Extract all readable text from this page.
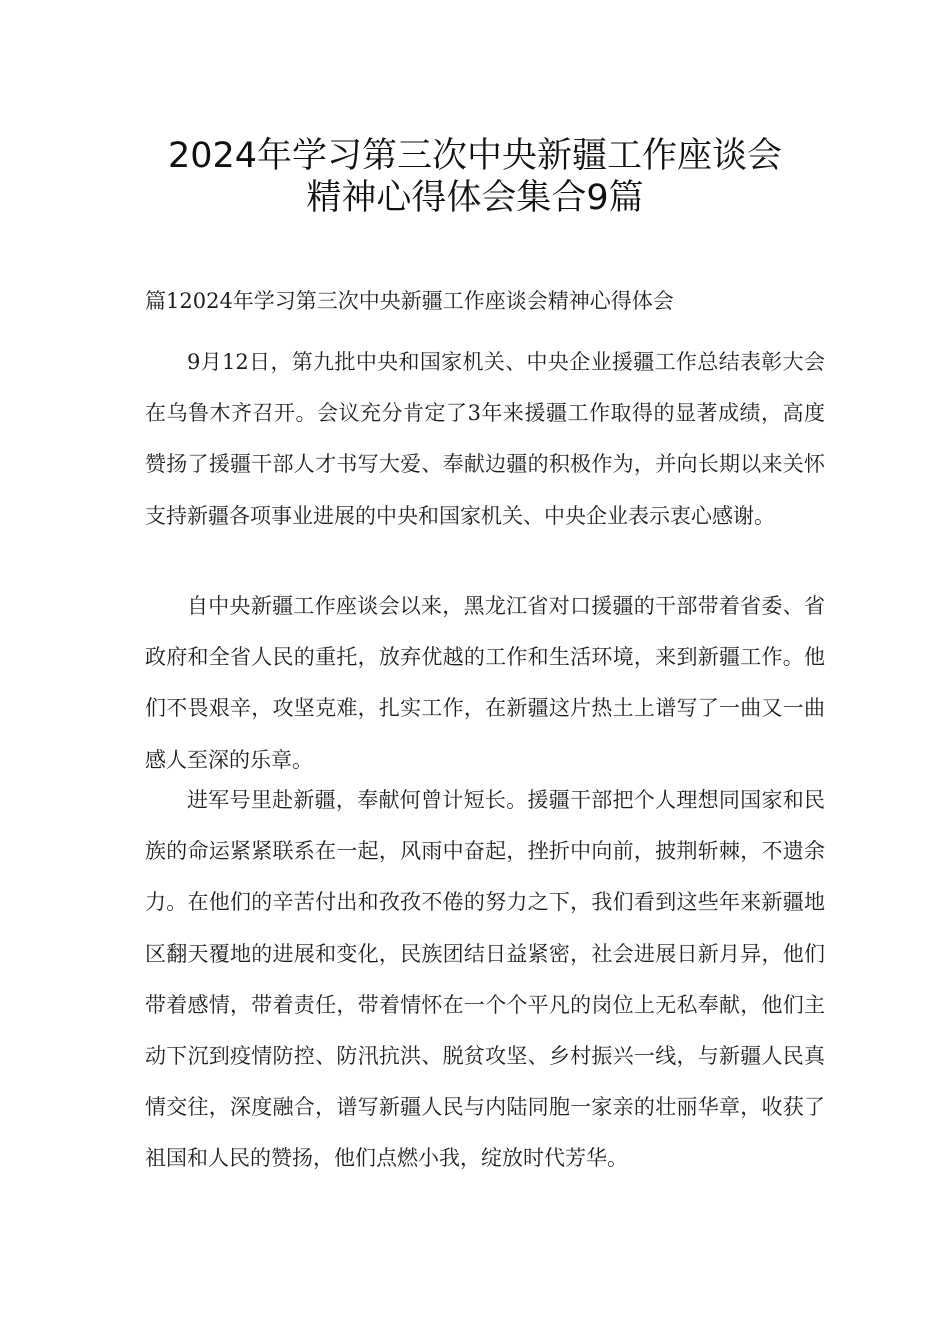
2024年学习第三次中央新疆工作座谈会
精神心得体会集合9篇
篇12024年学习第三次中央新疆工作座谈会精神心得体会

9月12日，第九批中央和国家机关、中央企业援疆工作总结表彰大会在乌鲁木齐召开。会议充分肯定了3年来援疆工作取得的显著成绩，高度赞扬了援疆干部人才书写大爱、奉献边疆的积极作为，并向长期以来关怀支持新疆各项事业进展的中央和国家机关、中央企业表示衷心感谢。

自中央新疆工作座谈会以来，黑龙江省对口援疆的干部带着省委、省政府和全省人民的重托，放弃优越的工作和生活环境，来到新疆工作。他们不畏艰辛，攻坚克难，扎实工作，在新疆这片热土上谱写了一曲又一曲感人至深的乐章。

进军号里赴新疆，奉献何曾计短长。援疆干部把个人理想同国家和民族的命运紧紧联系在一起，风雨中奋起，挫折中向前，披荆斩棘，不遗余力。在他们的辛苦付出和孜孜不倦的努力之下，我们看到这些年来新疆地区翻天覆地的进展和变化，民族团结日益紧密，社会进展日新月异，他们带着感情，带着责任，带着情怀在一个个平凡的岗位上无私奉献，他们主动下沉到疫情防控、防汛抗洪、脱贫攻坚、乡村振兴一线，与新疆人民真情交往，深度融合，谱写新疆人民与内陆同胞一家亲的壮丽华章，收获了祖国和人民的赞扬，他们点燃小我，绽放时代芳华。
